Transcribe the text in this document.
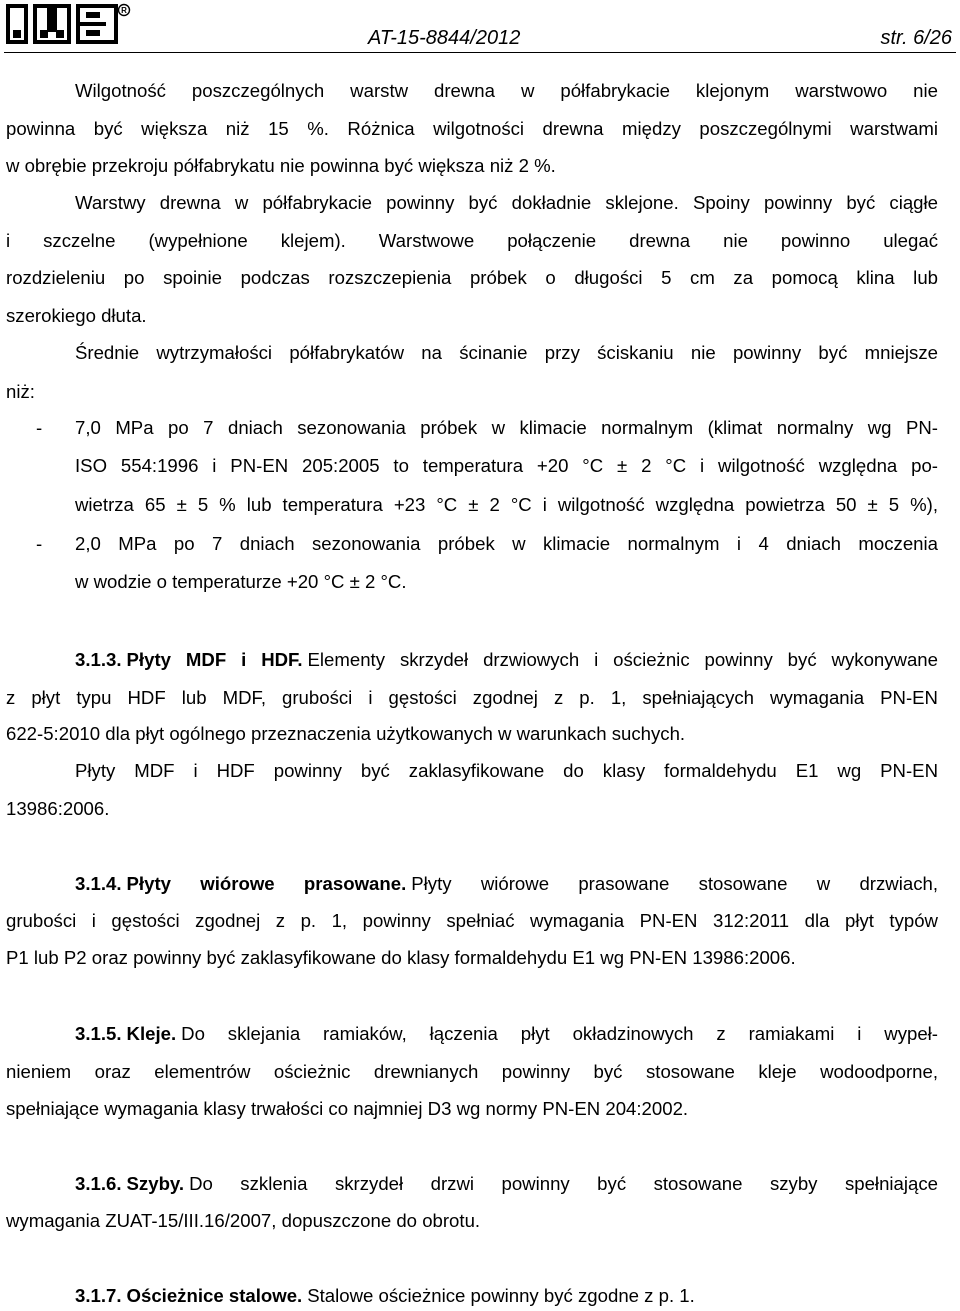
R
AT-15-8844/2012	str. 6/26
Wilgotność poszczególnych warstw drewna w półfabrykacie klejonym warstwowo nie
powinna być większa niż 15 %. Różnica wilgotności drewna między poszczególnymi warstwami
w obrębie przekroju półfabrykatu nie powinna być większa niż 2 %.
Warstwy drewna w półfabrykacie powinny być dokładnie sklejone. Spoiny powinny być ciągłe
i szczelne (wypełnione klejem). Warstwowe połączenie drewna nie powinno ulegać
rozdzieleniu po spoinie podczas rozszczepienia próbek o długości 5 cm za pomocą klina lub
szerokiego dłuta.
Średnie wytrzymałości półfabrykatów na ścinanie przy ściskaniu nie powinny być mniejsze
niż:
- 7,0 MPa po 7 dniach sezonowania próbek w klimacie normalnym (klimat normalny wg PN-
ISO 554:1996 i PN-EN 205:2005 to temperatura +20 °C ± 2 °C i wilgotność względna po-
wietrza 65 ± 5 % lub temperatura +23 °C ± 2 °C i wilgotność względna powietrza 50 ± 5 %),
- 2,0 MPa po 7 dniach sezonowania próbek w klimacie normalnym i 4 dniach moczenia
w wodzie o temperaturze +20 °C ± 2 °C.
3.1.3. Płyty MDF i HDF. Elementy skrzydeł drzwiowych i ościeżnic powinny być wykonywane
z płyt typu HDF lub MDF, grubości i gęstości zgodnej z p. 1, spełniających wymagania PN-EN
622-5:2010 dla płyt ogólnego przeznaczenia użytkowanych w warunkach suchych.
Płyty MDF i HDF powinny być zaklasyfikowane do klasy formaldehydu E1 wg PN-EN
13986:2006.
3.1.4. Płyty wiórowe prasowane. Płyty wiórowe prasowane stosowane w drzwiach,
grubości i gęstości zgodnej z p. 1, powinny spełniać wymagania PN-EN 312:2011 dla płyt typów
P1 lub P2 oraz powinny być zaklasyfikowane do klasy formaldehydu E1 wg PN-EN 13986:2006.
3.1.5. Kleje. Do sklejania ramiaków, łączenia płyt okładzinowych z ramiakami i wypeł-
nieniem oraz elementrów ościeżnic drewnianych powinny być stosowane kleje wodoodporne,
spełniające wymagania klasy trwałości co najmniej D3 wg normy PN-EN 204:2002.
3.1.6. Szyby. Do szklenia skrzydeł drzwi powinny być stosowane szyby spełniające
wymagania ZUAT-15/III.16/2007, dopuszczone do obrotu.
3.1.7. Ościeżnice stalowe. Stalowe ościeżnice powinny być zgodne z p. 1.
